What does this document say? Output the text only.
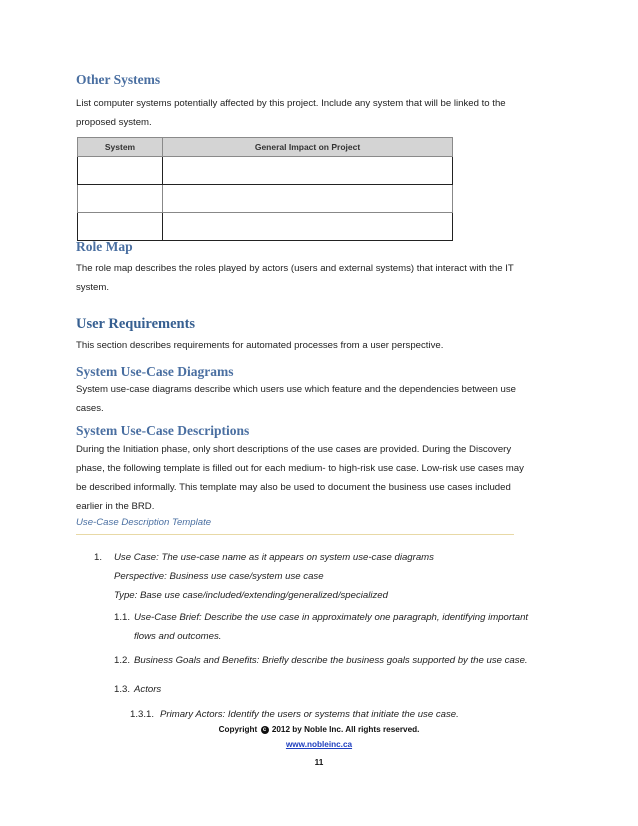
Other Systems

List computer systems potentially affected by this project. Include any system that will be linked to the
proposed system.

System	General Impact on Project

Role Map

The role map describes the roles played by actors (users and external systems) that interact with the IT
system.

User Requirements

This section describes requirements for automated processes from a user perspective.

System Use-Case Diagrams

System use-case diagrams describe which users use which feature and the dependencies between use
cases.

System Use-Case Descriptions

During the Initiation phase, only short descriptions of the use cases are provided. During the Discovery
phase, the following template is filled out for each medium- to high-risk use case. Low-risk use cases may
be described informally. This template may also be used to document the business use cases included
earlier in the BRD.

Use-Case Description Template

1. Use Case: The use-case name as it appears on system use-case diagrams
Perspective: Business use case/system use case
Type: Base use case/included/extending/generalized/specialized

1.1. Use-Case Brief: Describe the use case in approximately one paragraph, identifying important
flows and outcomes.

1.2. Business Goals and Benefits: Briefly describe the business goals supported by the use case.

1.3. Actors

1.3.1. Primary Actors: Identify the users or systems that initiate the use case.

Copyright c 2012 by Noble Inc. All rights reserved.
www.nobleinc.ca
11
